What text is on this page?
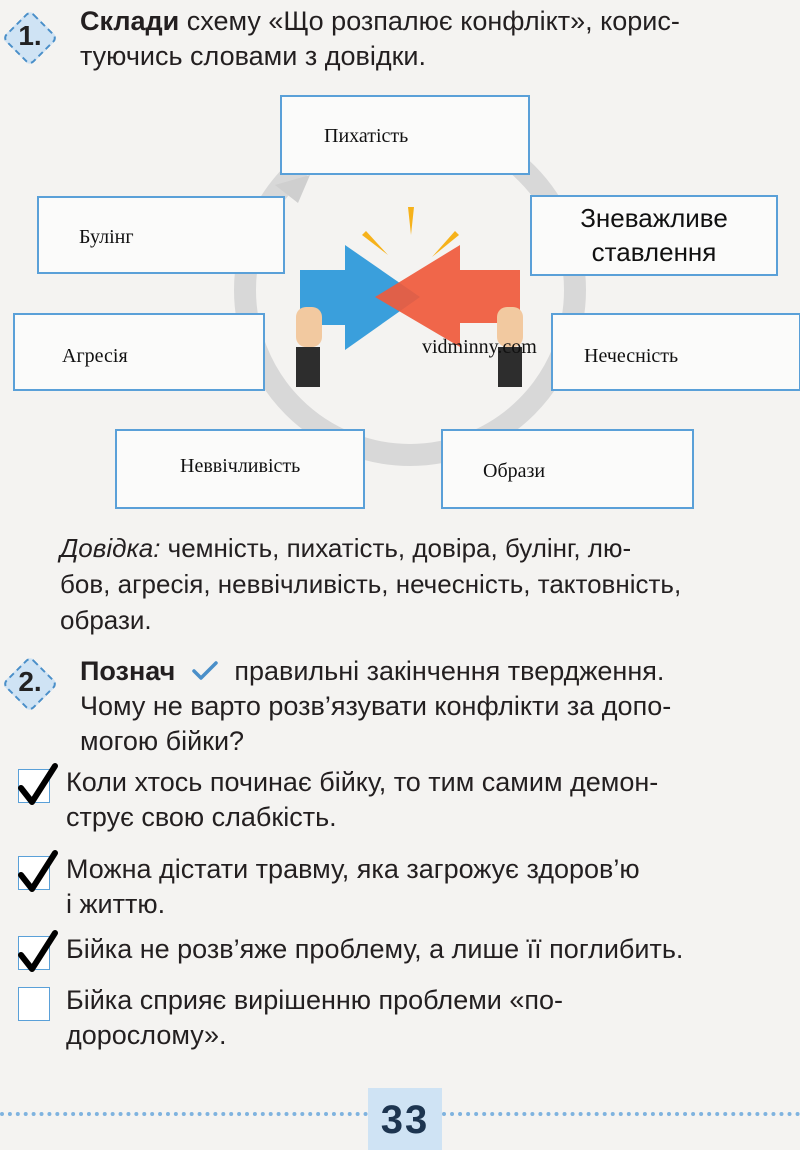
1.	Склади схему «Що розпалює конфлікт», корис-
туючись словами з довідки.
Пихатість
Булінг
Зневажливе
ставлення
Агресія	Нечесність
Неввічливість	Образи
vidminny.com
Довідка: чемність, пихатість, довіра, булінг, лю-
бов, агресія, неввічливість, нечесність, тактовність,
образи.
2.	Познач правильні закінчення твердження.
Чому не варто розв’язувати конфлікти за допо-
могою бійки?
Коли хтось починає бійку, то тим самим демон-
струє свою слабкість.
Можна дістати травму, яка загрожує здоров’ю
і життю.
Бійка не розв’яже проблему, а лише її поглибить.
Бійка сприяє вирішенню проблеми «по-
дорослому».
33
